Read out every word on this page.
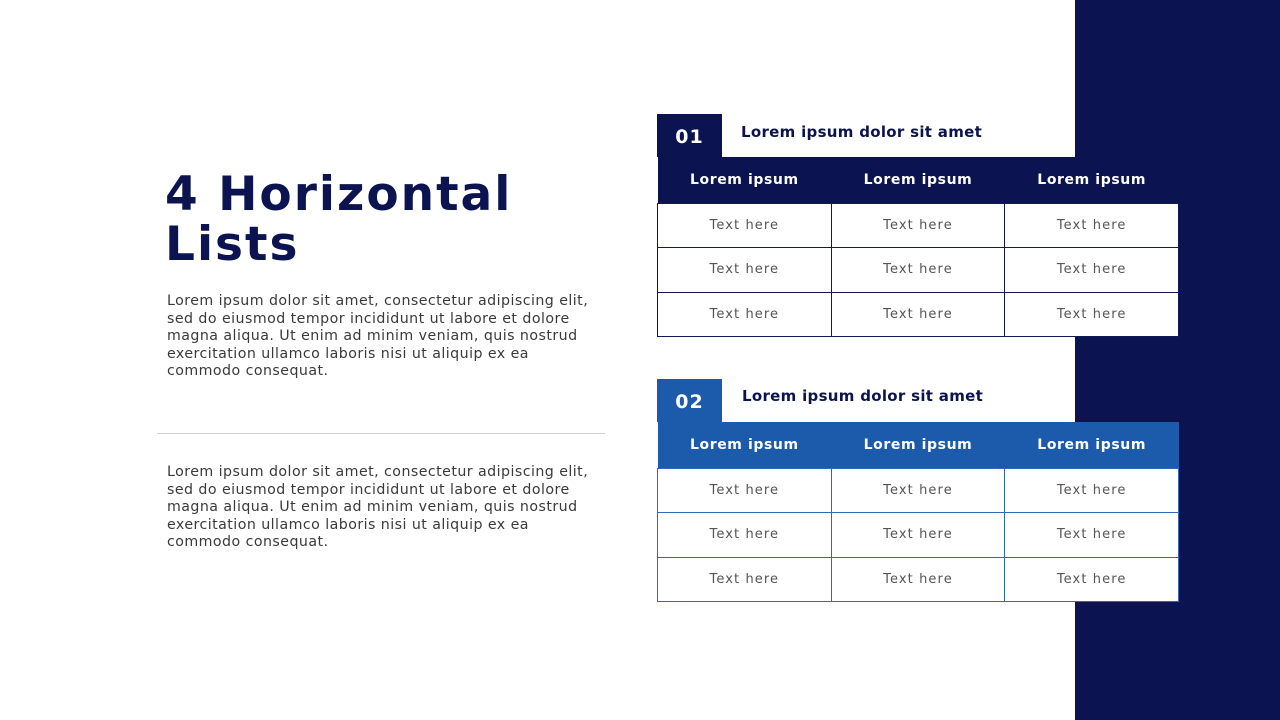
4 Horizontal Lists

Lorem ipsum dolor sit amet, consectetur adipiscing elit, sed do eiusmod tempor incididunt ut labore et dolore magna aliqua. Ut enim ad minim veniam, quis nostrud exercitation ullamco laboris nisi ut aliquip ex ea commodo consequat.

Lorem ipsum dolor sit amet, consectetur adipiscing elit, sed do eiusmod tempor incididunt ut labore et dolore magna aliqua. Ut enim ad minim veniam, quis nostrud exercitation ullamco laboris nisi ut aliquip ex ea commodo consequat.

01	Lorem ipsum dolor sit amet
Lorem ipsum	Lorem ipsum	Lorem ipsum
Text here	Text here	Text here
Text here	Text here	Text here
Text here	Text here	Text here
02	Lorem ipsum dolor sit amet
Lorem ipsum	Lorem ipsum	Lorem ipsum
Text here	Text here	Text here
Text here	Text here	Text here
Text here	Text here	Text here
